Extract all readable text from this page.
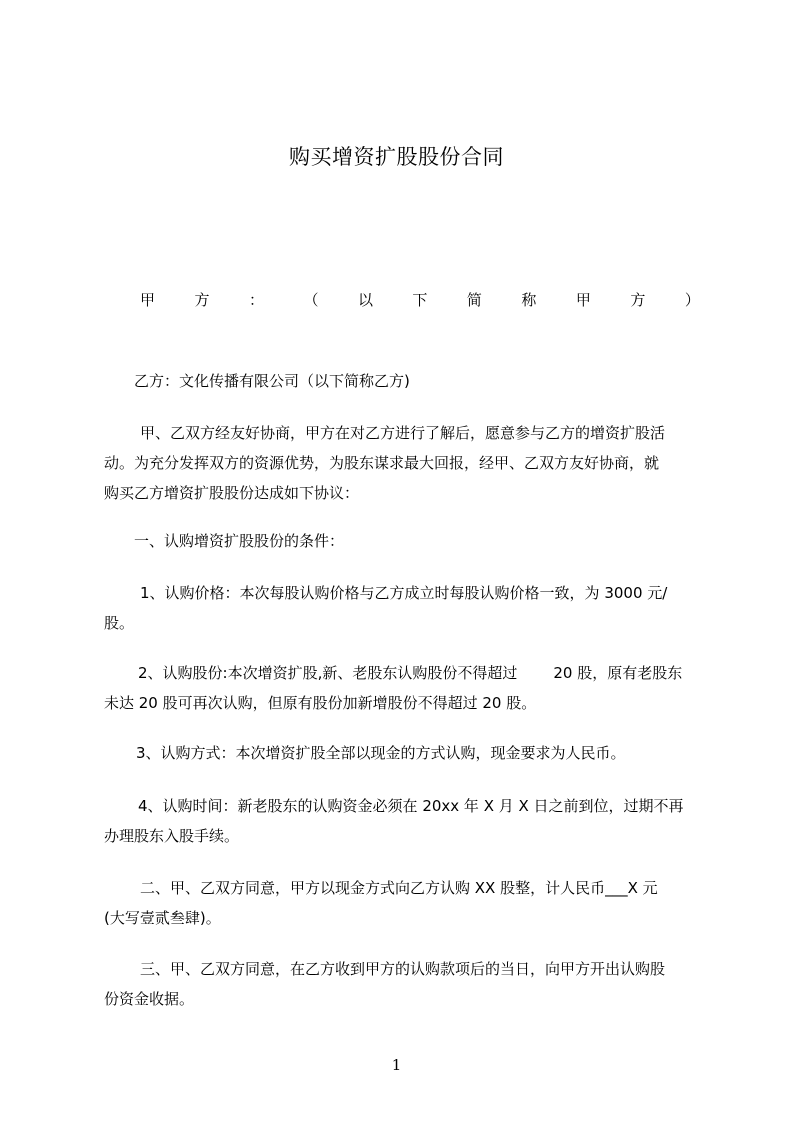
购买增资扩股股份合同
甲	方	：	（	以	下	简	称	甲	方	）
乙方：文化传播有限公司（以下简称乙方)
甲、乙双方经友好协商，甲方在对乙方进行了解后，愿意参与乙方的增资扩股活
动。为充分发挥双方的资源优势，为股东谋求最大回报，经甲、乙双方友好协商，就
购买乙方增资扩股股份达成如下协议：
一、认购增资扩股股份的条件：
1、认购价格：本次每股认购价格与乙方成立时每股认购价格一致，为 3000 元/
股。
2、认购股份:本次增资扩股,新、老股东认购股份不得超过 20 股，原有老股东
未达 20 股可再次认购，但原有股份加新增股份不得超过 20 股。
3、认购方式：本次增资扩股全部以现金的方式认购，现金要求为人民币。
4、认购时间：新老股东的认购资金必须在 20xx 年 X 月 X 日之前到位，过期不再
办理股东入股手续。
二、甲、乙双方同意，甲方以现金方式向乙方认购 XX 股整，计人民币___X 元
(大写壹贰叁肆)。
三、甲、乙双方同意，在乙方收到甲方的认购款项后的当日，向甲方开出认购股
份资金收据。
1
